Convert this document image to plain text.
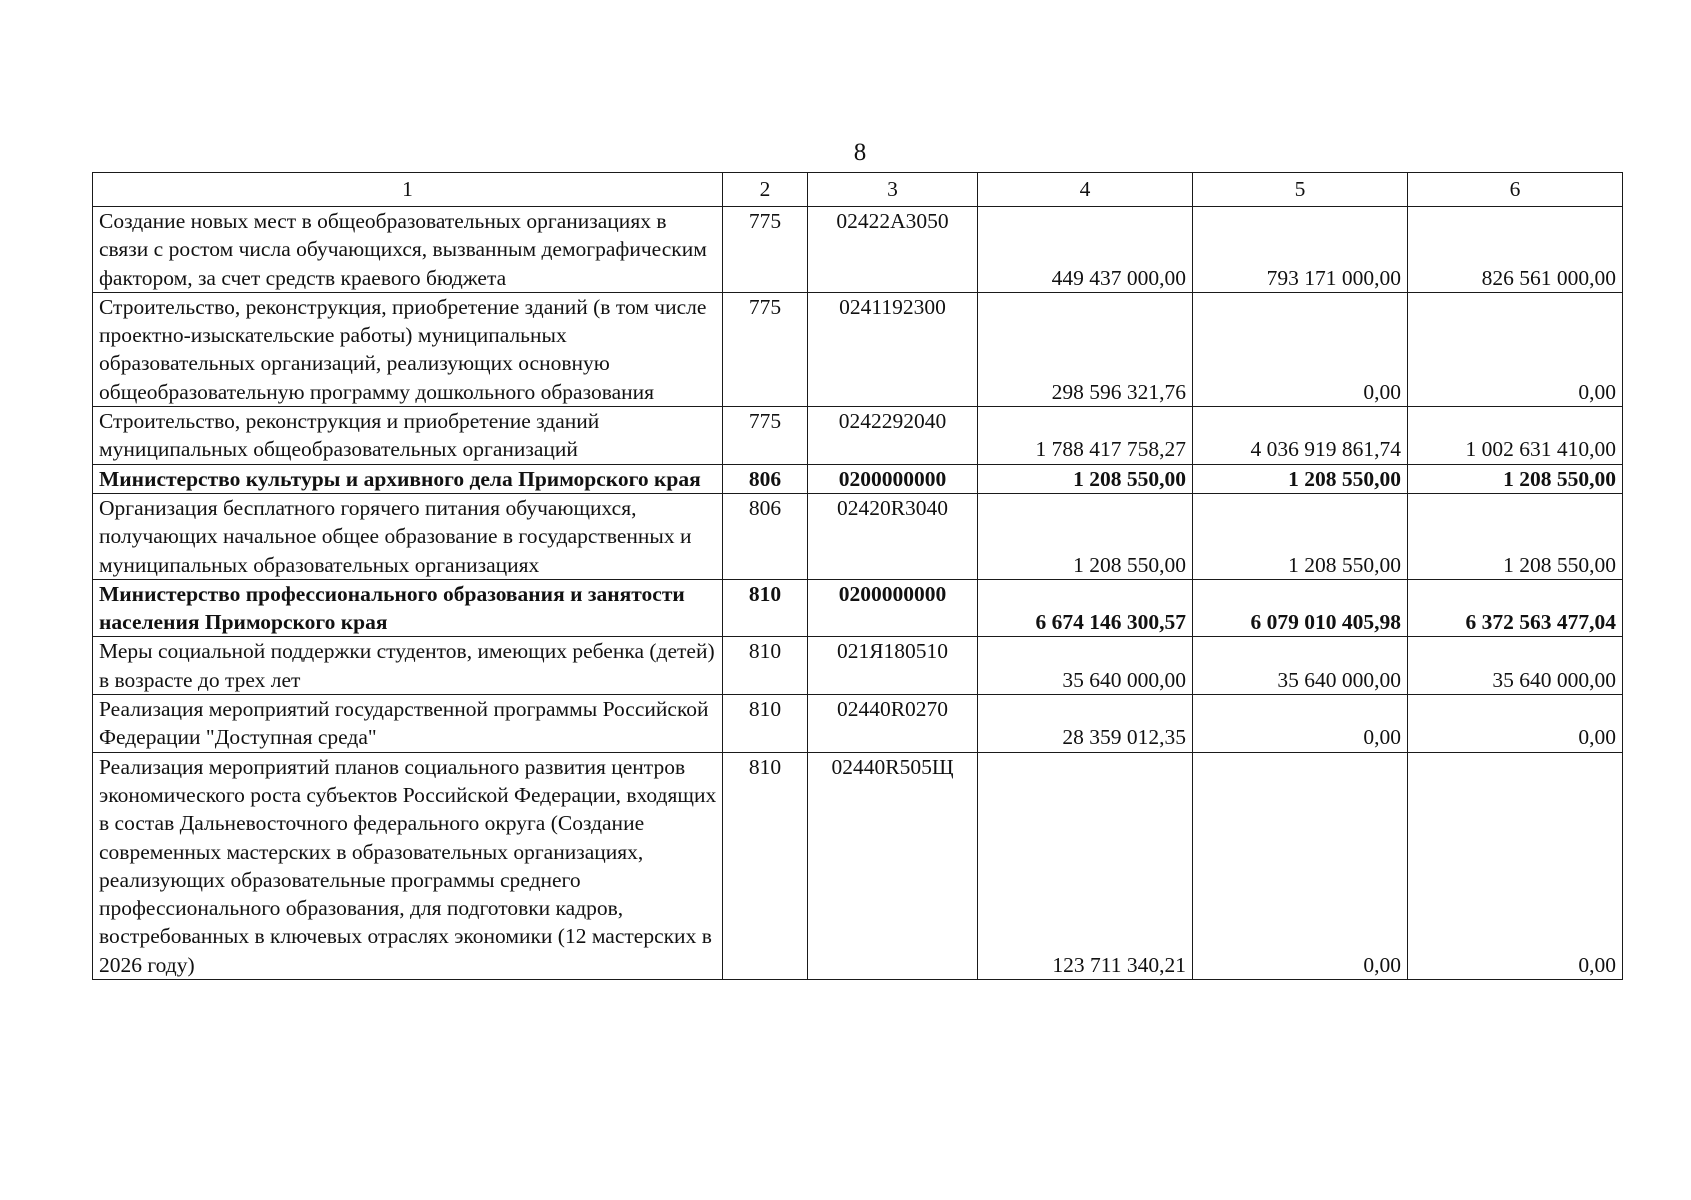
8
1	2	3	4	5	6
Создание новых мест в общеобразовательных организациях в связи с ростом числа обучающихся, вызванным демографическим фактором, за счет средств краевого бюджета	775	02422А3050	449 437 000,00	793 171 000,00	826 561 000,00
Строительство, реконструкция, приобретение зданий (в том числе проектно-изыскательские работы) муниципальных образовательных организаций, реализующих основную общеобразовательную программу дошкольного образования	775	0241192300	298 596 321,76	0,00	0,00
Строительство, реконструкция и приобретение зданий муниципальных общеобразовательных организаций	775	0242292040	1 788 417 758,27	4 036 919 861,74	1 002 631 410,00
Министерство культуры и архивного дела Приморского края	806	0200000000	1 208 550,00	1 208 550,00	1 208 550,00
Организация бесплатного горячего питания обучающихся, получающих начальное общее образование в государственных и муниципальных образовательных организациях	806	02420R3040	1 208 550,00	1 208 550,00	1 208 550,00
Министерство профессионального образования и занятости населения Приморского края	810	0200000000	6 674 146 300,57	6 079 010 405,98	6 372 563 477,04
Меры социальной поддержки студентов, имеющих ребенка (детей) в возрасте до трех лет	810	021Я180510	35 640 000,00	35 640 000,00	35 640 000,00
Реализация мероприятий государственной программы Российской Федерации "Доступная среда"	810	02440R0270	28 359 012,35	0,00	0,00
Реализация мероприятий планов социального развития центров экономического роста субъектов Российской Федерации, входящих в состав Дальневосточного федерального округа (Создание современных мастерских в образовательных организациях, реализующих образовательные программы среднего профессионального образования, для подготовки кадров, востребованных в ключевых отраслях экономики (12 мастерских в 2026 году)	810	02440R505Щ	123 711 340,21	0,00	0,00
